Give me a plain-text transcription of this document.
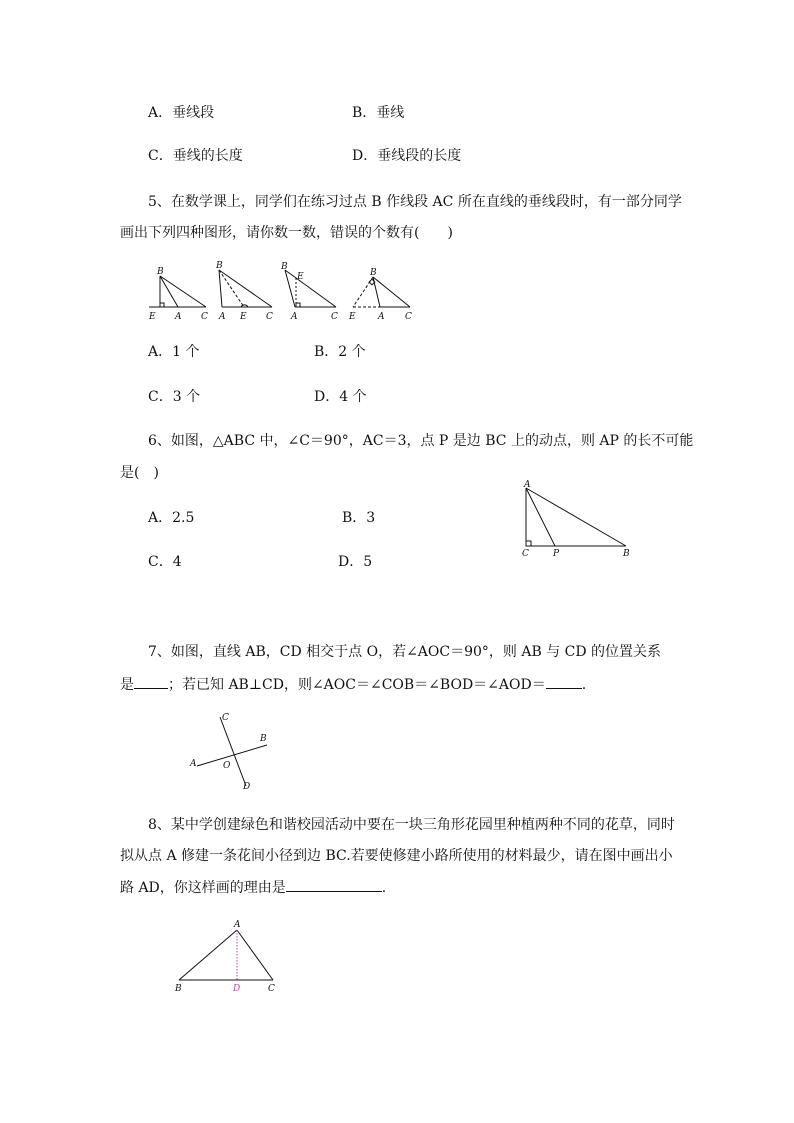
A．垂线段	B．垂线
C．垂线的长度	D．垂线段的长度
5、在数学课上，同学们在练习过点 B 作线段 AC 所在直线的垂线段时，有一部分同学
画出下列四种图形，请你数一数，错误的个数有(　　)
B
E A C
B
A E C
B
E
A	C
B
E A C
A．1 个	B．2 个
C．3 个	D．4 个
6、如图，△ABC 中，∠C＝90°，AC＝3，点 P 是边 BC 上的动点，则 AP 的长不可能
是(　)
A．2.5	B．3
C．4	D．5
A
C	P	B
7、如图，直线 AB，CD 相交于点 O，若∠AOC＝90°，则 AB 与 CD 的位置关系
是 ；若已知 AB⊥CD，则∠AOC＝∠COB＝∠BOD＝∠AOD＝	.
C
B
A	O
D
8、某中学创建绿色和谐校园活动中要在一块三角形花园里种植两种不同的花草，同时
拟从点 A 修建一条花间小径到边 BC.若要使修建小路所使用的材料最少，请在图中画出小
路 AD，你这样画的理由是	.
A
B	D	C
